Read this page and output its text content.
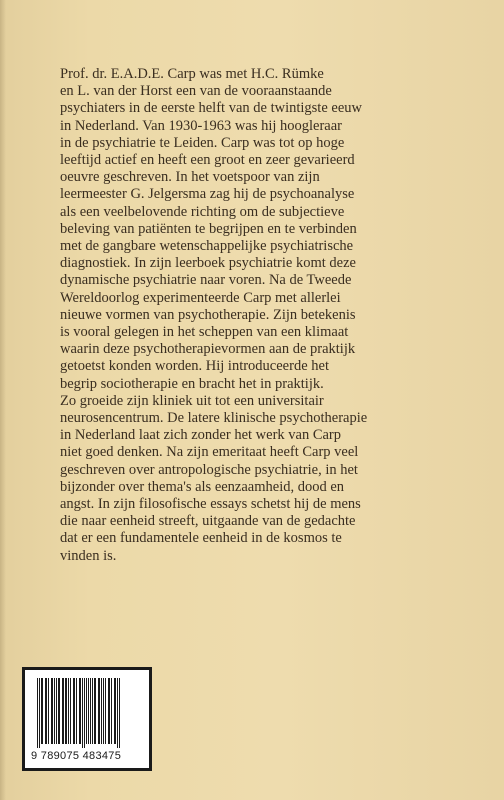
Prof. dr. E.A.D.E. Carp was met H.C. Rümke
en L. van der Horst een van de vooraanstaande
psychiaters in de eerste helft van de twintigste eeuw
in Nederland. Van 1930-1963 was hij hoogleraar
in de psychiatrie te Leiden. Carp was tot op hoge
leeftijd actief en heeft een groot en zeer gevarieerd
oeuvre geschreven. In het voetspoor van zijn
leermeester G. Jelgersma zag hij de psychoanalyse
als een veelbelovende richting om de subjectieve
beleving van patiënten te begrijpen en te verbinden
met de gangbare wetenschappelijke psychiatrische
diagnostiek. In zijn leerboek psychiatrie komt deze
dynamische psychiatrie naar voren. Na de Tweede
Wereldoorlog experimenteerde Carp met allerlei
nieuwe vormen van psychotherapie. Zijn betekenis
is vooral gelegen in het scheppen van een klimaat
waarin deze psychotherapievormen aan de praktijk
getoetst konden worden. Hij introduceerde het
begrip sociotherapie en bracht het in praktijk.
Zo groeide zijn kliniek uit tot een universitair
neurosencentrum. De latere klinische psychotherapie
in Nederland laat zich zonder het werk van Carp
niet goed denken. Na zijn emeritaat heeft Carp veel
geschreven over antropologische psychiatrie, in het
bijzonder over thema's als eenzaamheid, dood en
angst. In zijn filosofische essays schetst hij de mens
die naar eenheid streeft, uitgaande van de gedachte
dat er een fundamentele eenheid in de kosmos te
vinden is.
9 789075 483475
